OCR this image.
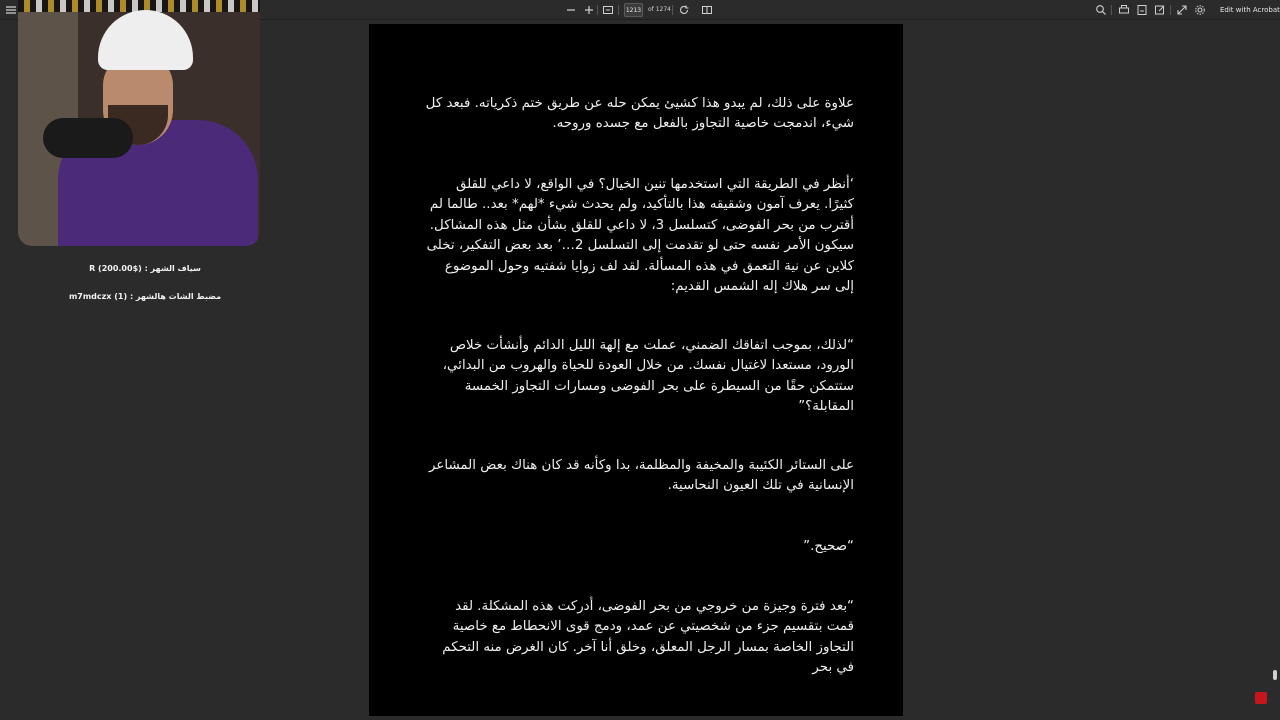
1213
of 1274	Edit with Acrobat
سياف الشهر : ($200.00) R
مضبط الشات هالشهر : (1) m7mdczx

علاوة على ذلك، لم يبدو هذا كشيئ يمكن حله عن طريق ختم ذكرياته. فبعد كل شيء، اندمجت خاصية التجاوز بالفعل مع جسده وروحه.

‘أنظر في الطريقة التي استخدمها تنين الخيال؟ في الواقع، لا داعي للقلق كثيرًا. يعرف آمون وشقيقه هذا بالتأكيد، ولم يحدث شيء *لهم* بعد.. طالما لم أقترب من بحر الفوضى، كتسلسل 3، لا داعي للقلق بشأن مثل هذه المشاكل. سيكون الأمر نفسه حتى لو تقدمت إلى التسلسل 2…’ بعد بعض التفكير، تخلى كلاين عن نية التعمق في هذه المسألة. لقد لف زوايا شفتيه وحول الموضوع إلى سر هلاك إله الشمس القديم:

“لذلك، بموجب اتفاقك الضمني، عملت مع إلهة الليل الدائم وأنشأت خلاص الورود، مستعدا لاغتيال نفسك. من خلال العودة للحياة والهروب من البدائي، ستتمكن حقًا من السيطرة على بحر الفوضى ومسارات التجاوز الخمسة المقابلة؟”

على الستائر الكئيبة والمخيفة والمظلمة، بدا وكأنه قد كان هناك بعض المشاعر الإنسانية في تلك العيون النحاسية.

“صحيح.”

“بعد فترة وجيزة من خروجي من بحر الفوضى، أدركت هذه المشكلة. لقد قمت بتقسيم جزء من شخصيتي عن عمد، ودمج قوى الانحطاط مع خاصية التجاوز الخاصة بمسار الرجل المعلق، وخلق أنا آخر. كان الغرض منه التحكم في بحر
